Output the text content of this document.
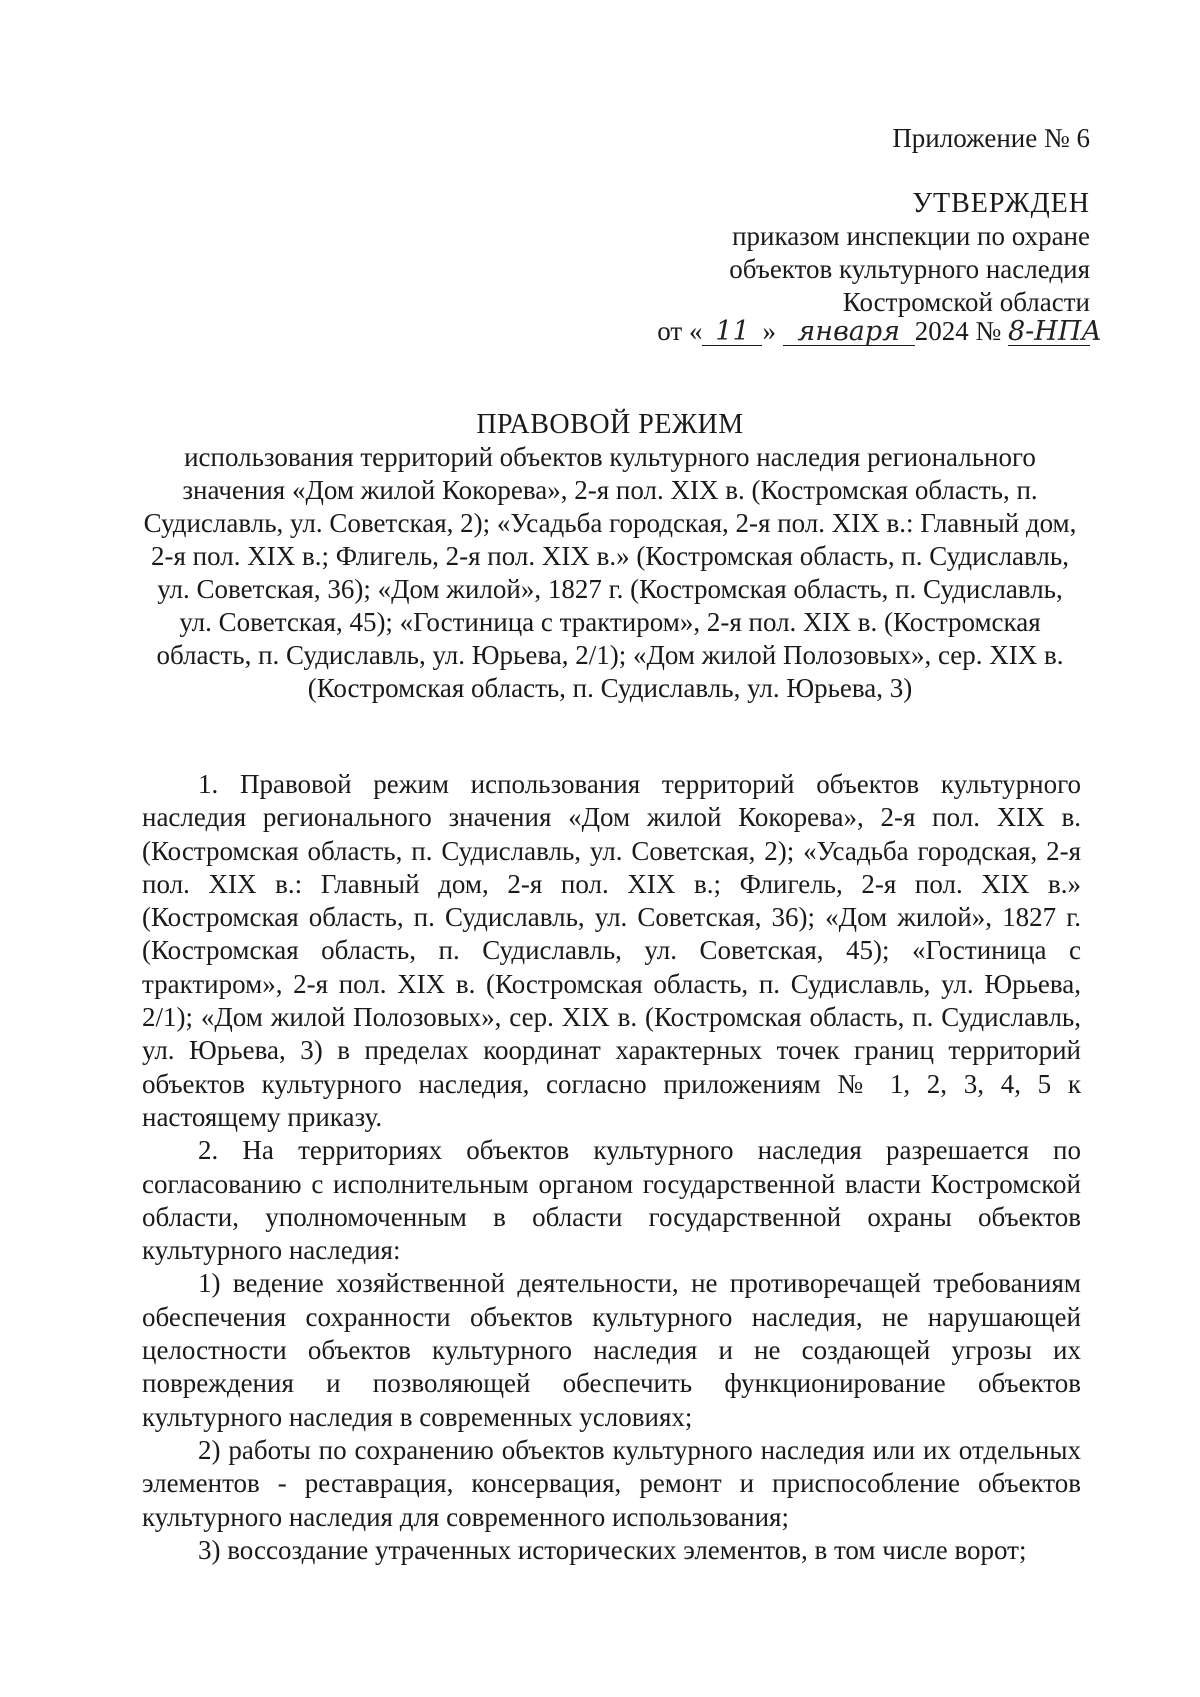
Приложение № 6
УТВЕРЖДЕН
приказом инспекции по охране
объектов культурного наследия
Костромской области
от « 11 » января 2024 № 8-НПА
ПРАВОВОЙ РЕЖИМ
использования территорий объектов культурного наследия регионального значения «Дом жилой Кокорева», 2-я пол. XIX в. (Костромская область, п. Судиславль, ул. Советская, 2); «Усадьба городская, 2-я пол. XIX в.: Главный дом, 2-я пол. XIX в.; Флигель, 2-я пол. XIX в.» (Костромская область, п. Судиславль, ул. Советская, 36); «Дом жилой», 1827 г. (Костромская область, п. Судиславль, ул. Советская, 45); «Гостиница с трактиром», 2-я пол. XIX в. (Костромская область, п. Судиславль, ул. Юрьева, 2/1); «Дом жилой Полозовых», сер. XIX в. (Костромская область, п. Судиславль, ул. Юрьева, 3)

1. Правовой режим использования территорий объектов культурного наследия регионального значения «Дом жилой Кокорева», 2-я пол. XIX в. (Костромская область, п. Судиславль, ул. Советская, 2); «Усадьба городская, 2-я пол. XIX в.: Главный дом, 2-я пол. XIX в.; Флигель, 2-я пол. XIX в.» (Костромская область, п. Судиславль, ул. Советская, 36); «Дом жилой», 1827 г. (Костромская область, п. Судиславль, ул. Советская, 45); «Гостиница с трактиром», 2-я пол. XIX в. (Костромская область, п. Судиславль, ул. Юрьева, 2/1); «Дом жилой Полозовых», сер. XIX в. (Костромская область, п. Судиславль, ул. Юрьева, 3) в пределах координат характерных точек границ территорий объектов культурного наследия, согласно приложениям № 1, 2, 3, 4, 5 к настоящему приказу.

2. На территориях объектов культурного наследия разрешается по согласованию с исполнительным органом государственной власти Костромской области, уполномоченным в области государственной охраны объектов культурного наследия:

1) ведение хозяйственной деятельности, не противоречащей требованиям обеспечения сохранности объектов культурного наследия, не нарушающей целостности объектов культурного наследия и не создающей угрозы их повреждения и позволяющей обеспечить функционирование объектов культурного наследия в современных условиях;

2) работы по сохранению объектов культурного наследия или их отдельных элементов - реставрация, консервация, ремонт и приспособление объектов культурного наследия для современного использования;

3) воссоздание утраченных исторических элементов, в том числе ворот;
